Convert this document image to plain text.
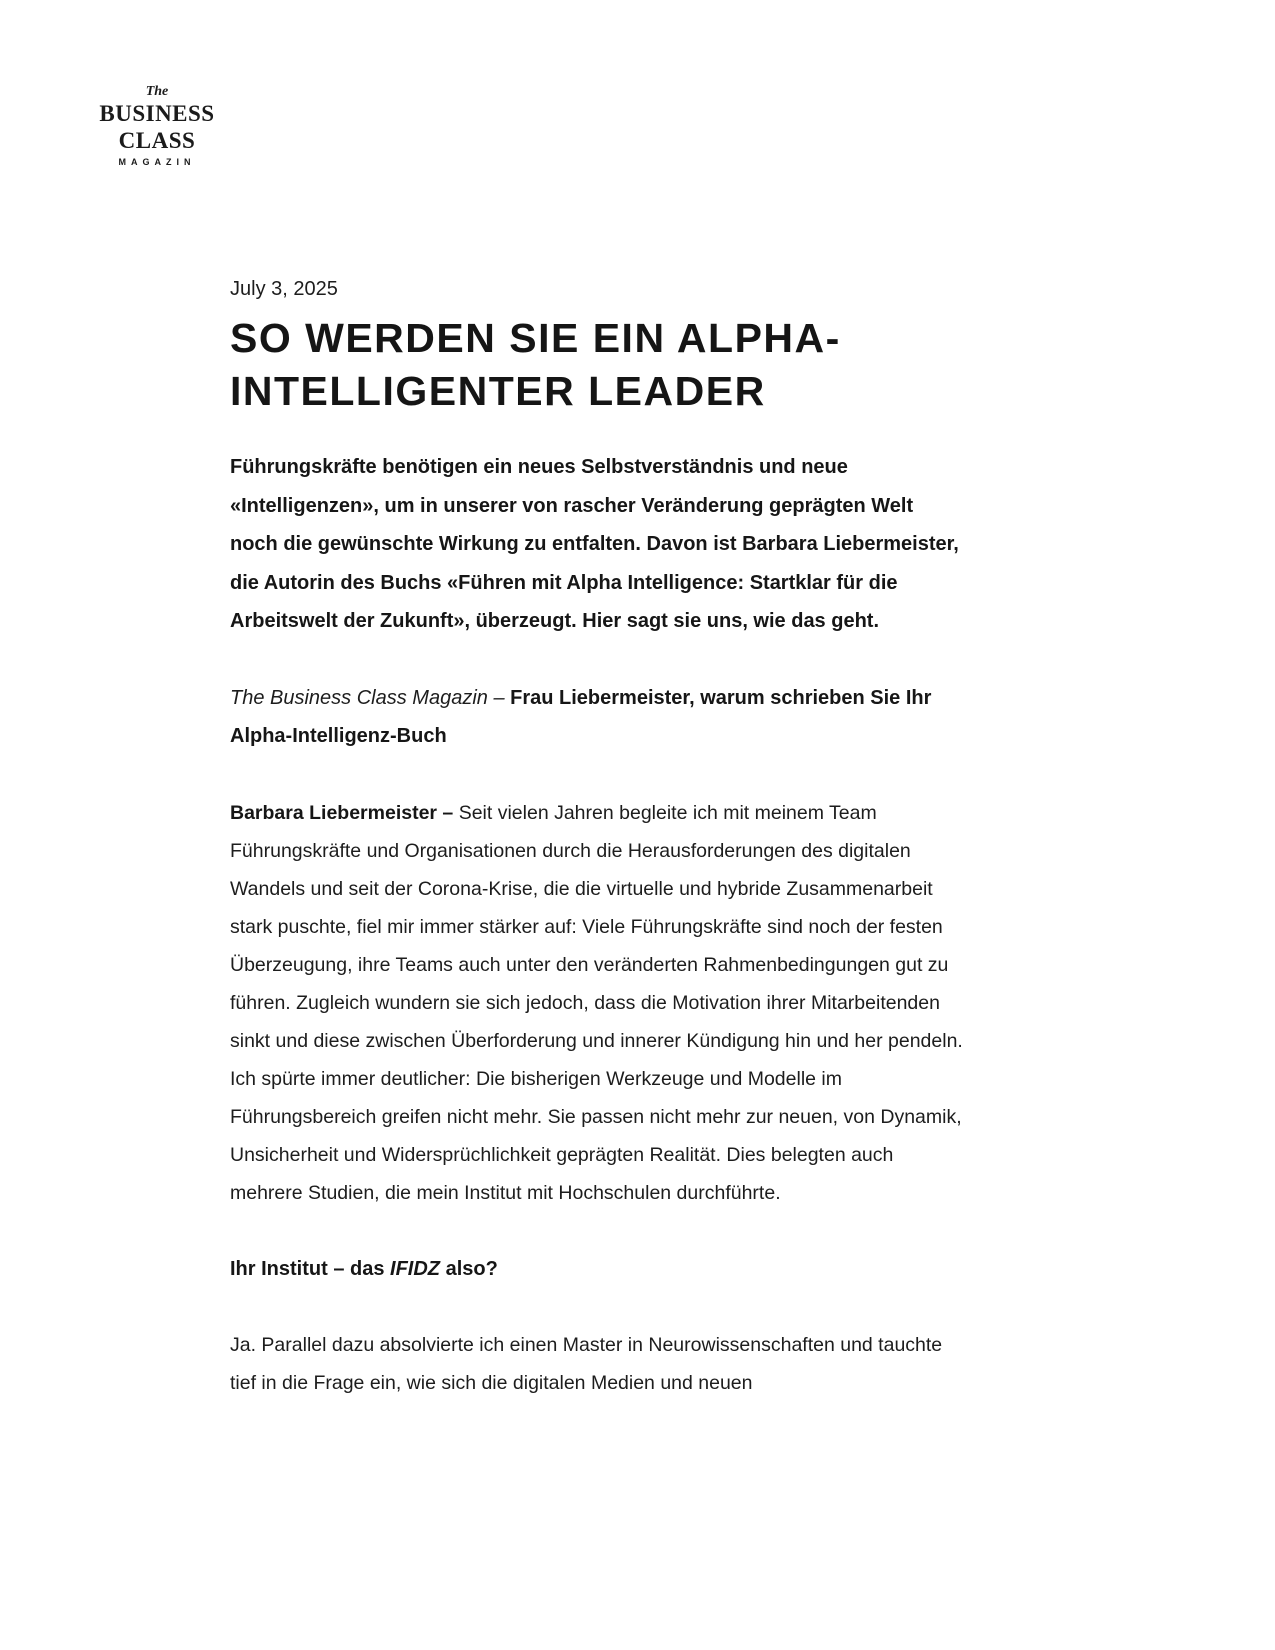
The
BUSINESS
CLASS
MAGAZIN
July 3, 2025
SO WERDEN SIE EIN ALPHA-INTELLIGENTER LEADER

Führungskräfte benötigen ein neues Selbstverständnis und neue «Intelligenzen», um in unserer von rascher Veränderung geprägten Welt noch die gewünschte Wirkung zu entfalten. Davon ist Barbara Liebermeister, die Autorin des Buchs «Führen mit Alpha Intelligence: Startklar für die Arbeitswelt der Zukunft», überzeugt. Hier sagt sie uns, wie das geht.

The Business Class Magazin – Frau Liebermeister, warum schrieben Sie Ihr Alpha-Intelligenz-Buch

Barbara Liebermeister – Seit vielen Jahren begleite ich mit meinem Team Führungskräfte und Organisationen durch die Herausforderungen des digitalen Wandels und seit der Corona-Krise, die die virtuelle und hybride Zusammenarbeit stark puschte, fiel mir immer stärker auf: Viele Führungskräfte sind noch der festen Überzeugung, ihre Teams auch unter den veränderten Rahmenbedingungen gut zu führen. Zugleich wundern sie sich jedoch, dass die Motivation ihrer Mitarbeitenden sinkt und diese zwischen Überforderung und innerer Kündigung hin und her pendeln. Ich spürte immer deutlicher: Die bisherigen Werkzeuge und Modelle im Führungsbereich greifen nicht mehr. Sie passen nicht mehr zur neuen, von Dynamik, Unsicherheit und Widersprüchlichkeit geprägten Realität. Dies belegten auch mehrere Studien, die mein Institut mit Hochschulen durchführte.

Ihr Institut – das IFIDZ also?

Ja. Parallel dazu absolvierte ich einen Master in Neurowissenschaften und tauchte tief in die Frage ein, wie sich die digitalen Medien und neuen
